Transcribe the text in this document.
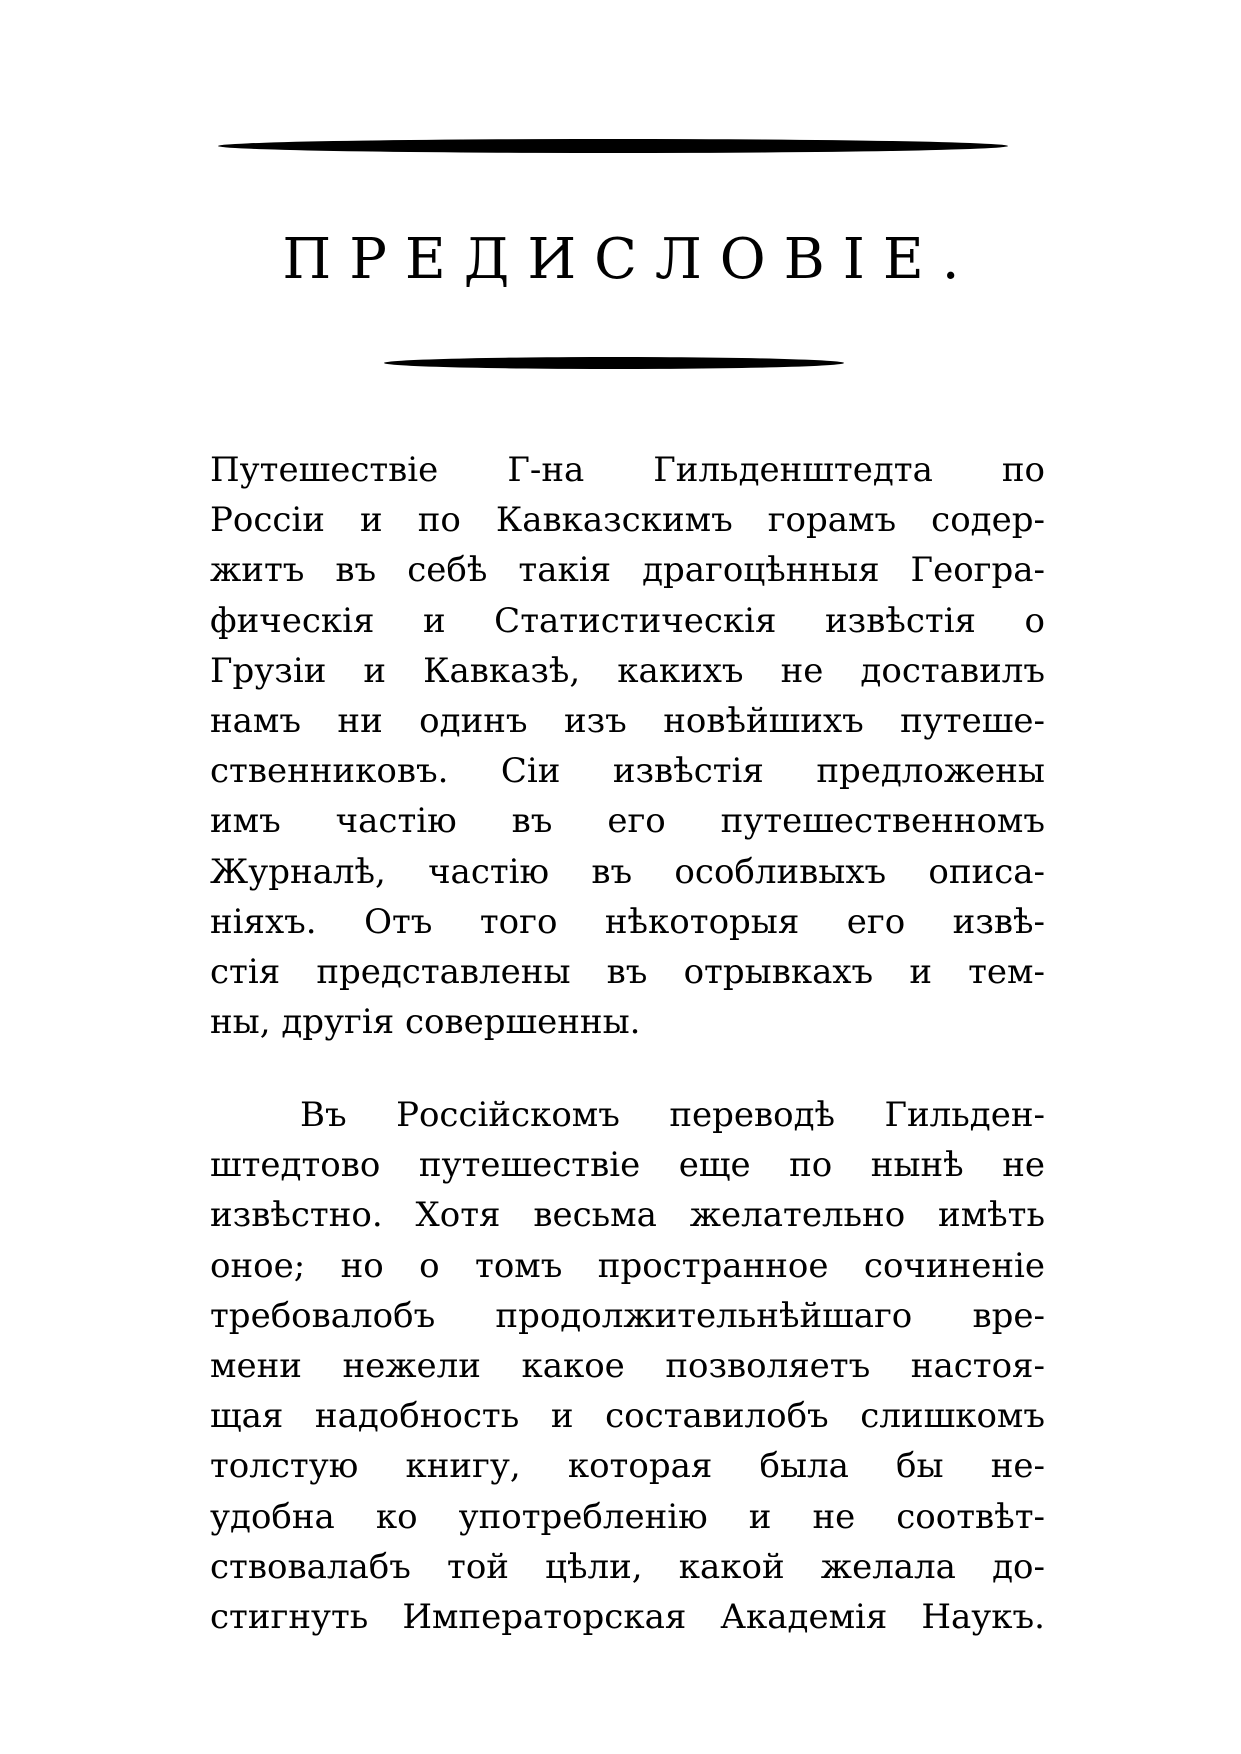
ПРЕДИСЛОВІЕ.
Путешествіе Г-на Гильденштедта по
Россіи и по Кавказскимъ горамъ содер-
житъ въ себѣ такія драгоцѣнныя Геогра-
фическія и Статистическія извѣстія о
Грузіи и Кавказѣ, какихъ не доставилъ
намъ ни одинъ изъ новѣйшихъ путеше-
ственниковъ. Сіи извѣстія предложены
имъ частію въ его путешественномъ
Журналѣ, частію въ особливыхъ описа-
ніяхъ. Отъ того нѣкоторыя его извѣ-
стія представлены въ отрывкахъ и тем-
ны, другія совершенны.
Въ Россійскомъ переводѣ Гильден-
штедтово путешествіе еще по нынѣ не
извѣстно. Хотя весьма желательно имѣть
оное; но о томъ пространное сочиненіе
требовалобъ продолжительнѣйшаго вре-
мени нежели какое позволяетъ настоя-
щая надобность и составилобъ слишкомъ
толстую книгу, которая была бы не-
удобна ко употребленію и не соотвѣт-
ствовалабъ той цѣли, какой желала до-
стигнуть Императорская Академія Наукъ.
